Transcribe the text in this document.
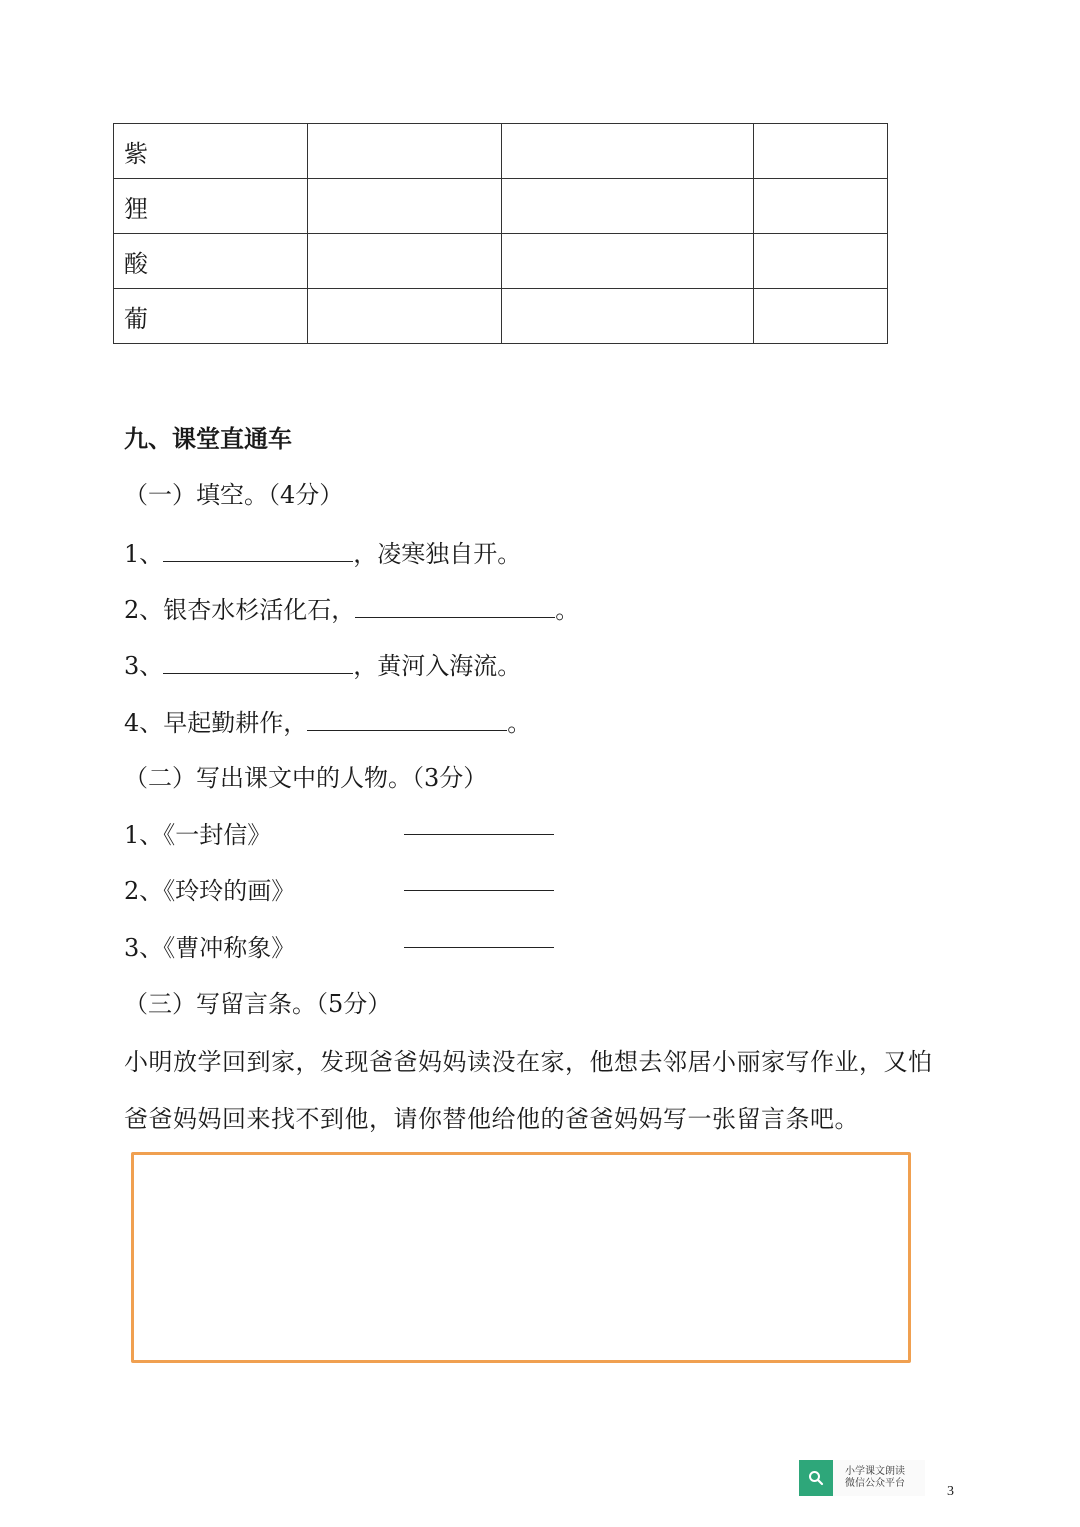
紫			
狸			
酸			
葡			
九、课堂直通车
（一）填空。（4分）
1、	，凌寒独自开。
2、银杏水杉活化石，	。
3、	，黄河入海流。
4、早起勤耕作，	。
（二）写出课文中的人物。（3分）
1、《一封信》
2、《玲玲的画》
3、《曹冲称象》
（三）写留言条。（5分）
小明放学回到家，发现爸爸妈妈读没在家，他想去邻居小丽家写作业，又怕
爸爸妈妈回来找不到他，请你替他给他的爸爸妈妈写一张留言条吧。
小学课文朗读
微信公众平台
3
